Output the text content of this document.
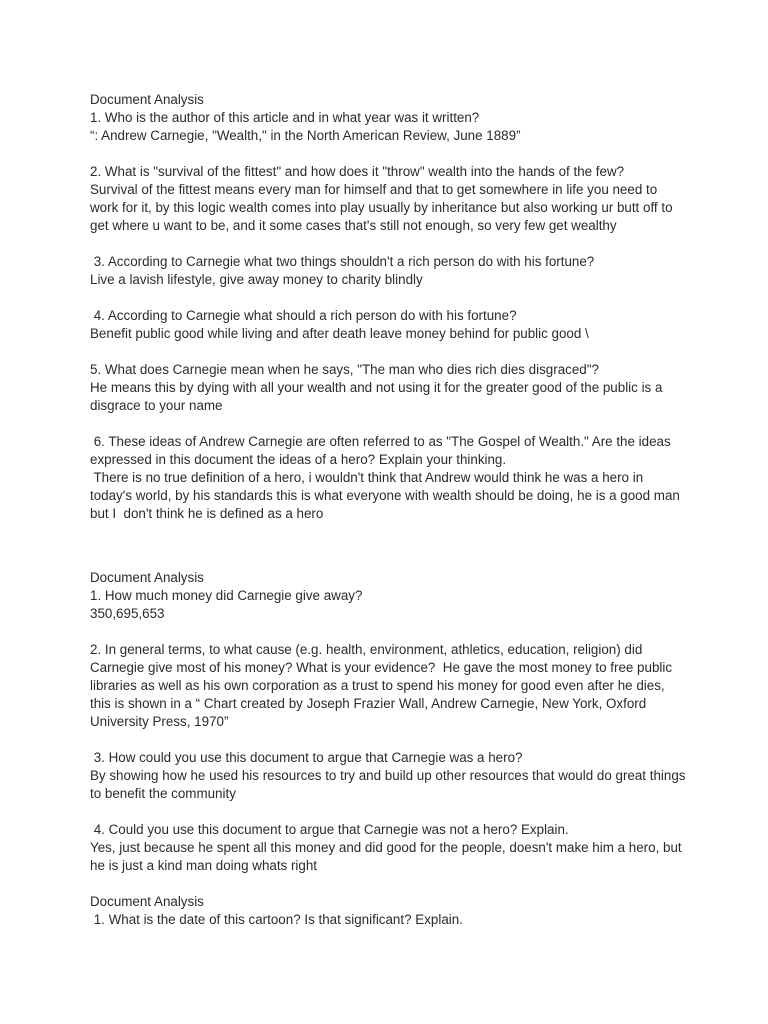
Document Analysis
1. Who is the author of this article and in what year was it written?
“: Andrew Carnegie, "Wealth," in the North American Review, June 1889”
2. What is "survival of the fittest" and how does it "throw" wealth into the hands of the few?
Survival of the fittest means every man for himself and that to get somewhere in life you need to
work for it, by this logic wealth comes into play usually by inheritance but also working ur butt off to
get where u want to be, and it some cases that's still not enough, so very few get wealthy
3. According to Carnegie what two things shouldn't a rich person do with his fortune?
Live a lavish lifestyle, give away money to charity blindly
4. According to Carnegie what should a rich person do with his fortune?
Benefit public good while living and after death leave money behind for public good \
5. What does Carnegie mean when he says, "The man who dies rich dies disgraced"?
He means this by dying with all your wealth and not using it for the greater good of the public is a
disgrace to your name
6. These ideas of Andrew Carnegie are often referred to as "The Gospel of Wealth." Are the ideas
expressed in this document the ideas of a hero? Explain your thinking.
There is no true definition of a hero, i wouldn't think that Andrew would think he was a hero in
today's world, by his standards this is what everyone with wealth should be doing, he is a good man
but I  don't think he is defined as a hero
Document Analysis
1. How much money did Carnegie give away?
350,695,653
2. In general terms, to what cause (e.g. health, environment, athletics, education, religion) did
Carnegie give most of his money? What is your evidence?  He gave the most money to free public
libraries as well as his own corporation as a trust to spend his money for good even after he dies,
this is shown in a “ Chart created by Joseph Frazier Wall, Andrew Carnegie, New York, Oxford
University Press, 1970”
3. How could you use this document to argue that Carnegie was a hero?
By showing how he used his resources to try and build up other resources that would do great things
to benefit the community
4. Could you use this document to argue that Carnegie was not a hero? Explain.
Yes, just because he spent all this money and did good for the people, doesn't make him a hero, but
he is just a kind man doing whats right
Document Analysis
1. What is the date of this cartoon? Is that significant? Explain.
